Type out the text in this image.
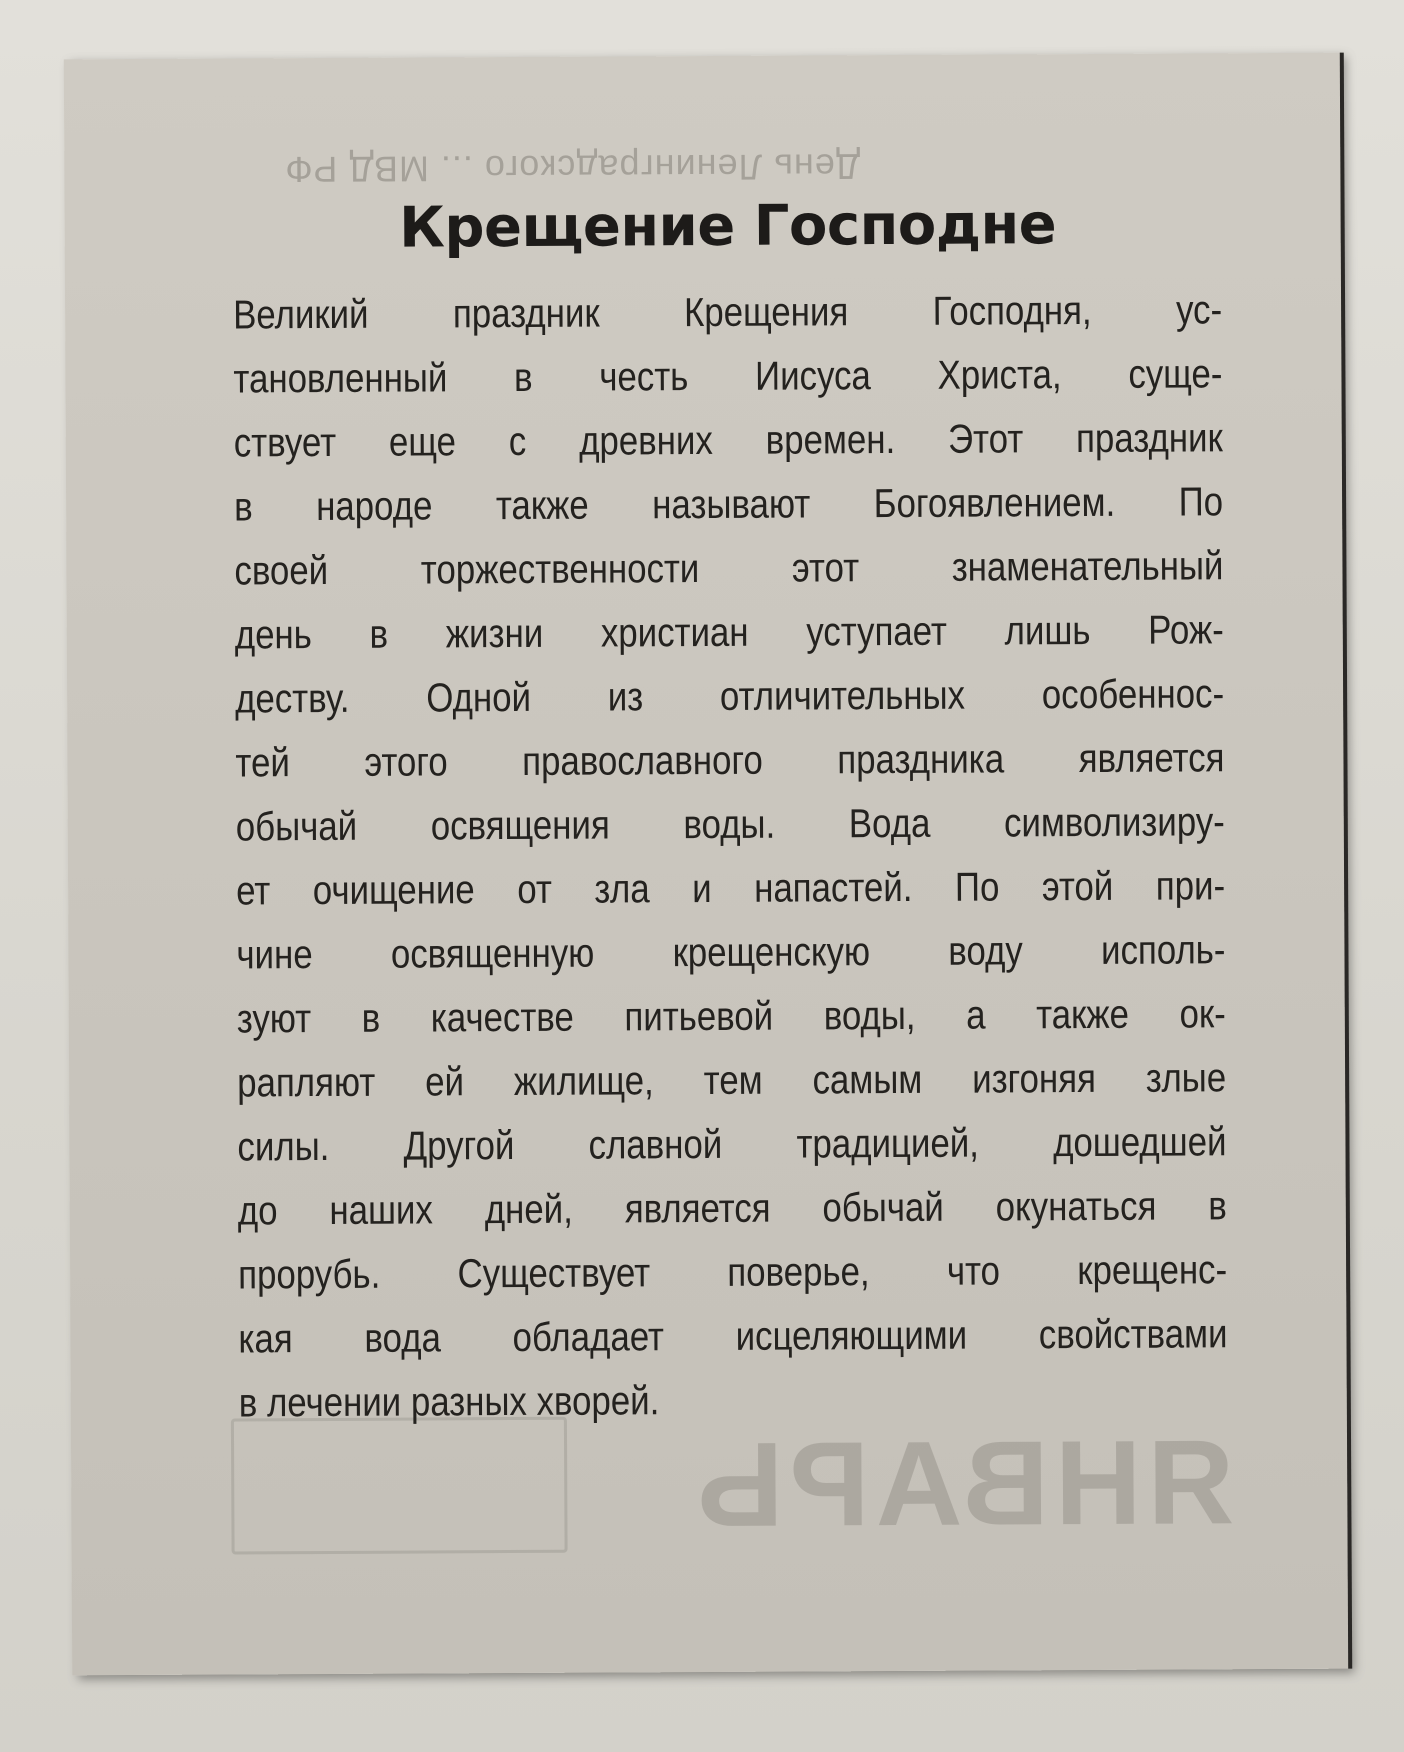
День Ленинградского ... МВД РФ
ЯНВАРЬ
Крещение Господне
Великий праздник Крещения Господня, ус-
тановленный в честь Иисуса Христа, суще-
ствует еще с древних времен. Этот праздник
в народе также называют Богоявлением. По
своей торжественности этот знаменательный
день в жизни христиан уступает лишь Рож-
деству. Одной из отличительных особеннос-
тей этого православного праздника является
обычай освящения воды. Вода символизиру-
ет очищение от зла и напастей. По этой при-
чине освященную крещенскую воду исполь-
зуют в качестве питьевой воды, а также ок-
рапляют ей жилище, тем самым изгоняя злые
силы. Другой славной традицией, дошедшей
до наших дней, является обычай окунаться в
прорубь. Существует поверье, что крещенс-
кая вода обладает исцеляющими свойствами
в лечении разных хворей.
